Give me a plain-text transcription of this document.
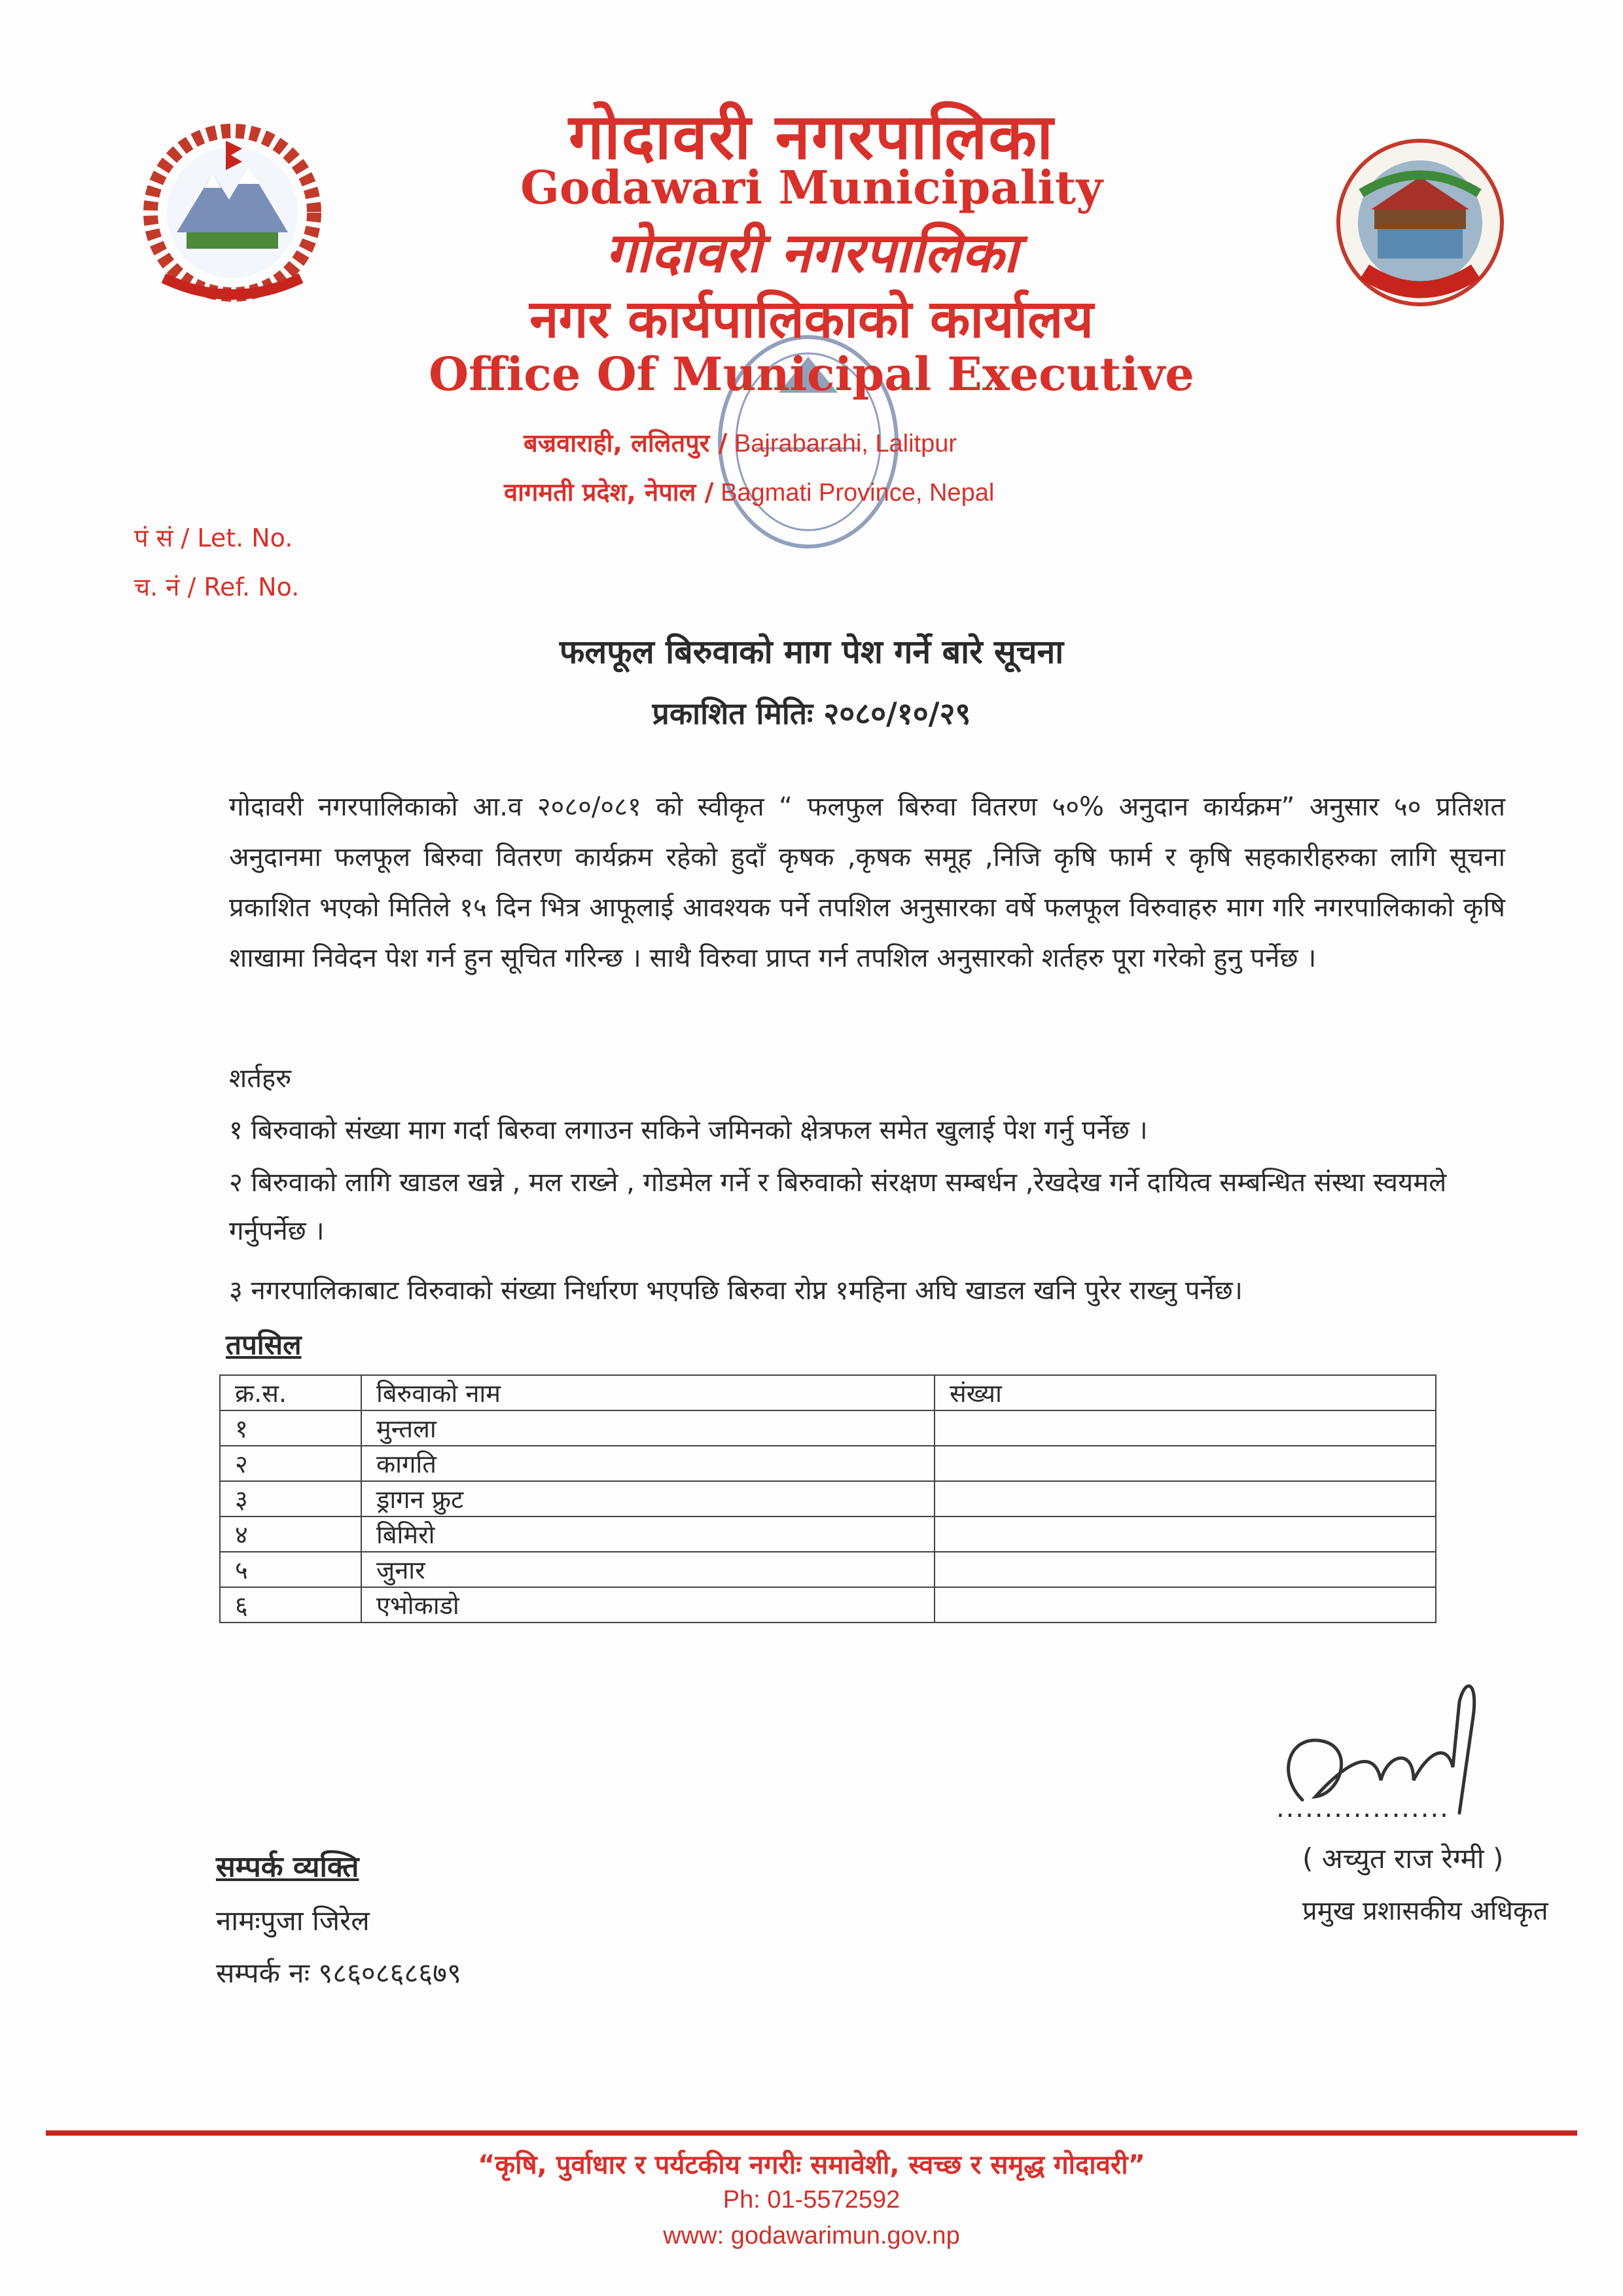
गोदावरी नगरपालिका
Godawari Municipality
गोदावरी नगरपालिका
नगर कार्यपालिकाको कार्यालय
Office Of Municipal Executive
बज्रवाराही, ललितपुर / Bajrabarahi, Lalitpur
वागमती प्रदेश, नेपाल / Bagmati Province, Nepal
पं सं / Let. No.
च. नं / Ref. No.
फलफूल बिरुवाको माग पेश गर्ने बारे सूचना
प्रकाशित मितिः २०८०/१०/२९
गोदावरी नगरपालिकाको आ.व २०८०/०८१ को स्वीकृत “ फलफुल बिरुवा वितरण ५०% अनुदान कार्यक्रम” अनुसार ५० प्रतिशत अनुदानमा फलफूल बिरुवा वितरण कार्यक्रम रहेको हुदाँ कृषक ,कृषक समूह ,निजि कृषि फार्म र कृषि सहकारीहरुका लागि सूचना प्रकाशित भएको मितिले १५ दिन भित्र आफूलाई आवश्यक पर्ने तपशिल अनुसारका वर्षे फलफूल विरुवाहरु माग गरि नगरपालिकाको कृषि शाखामा निवेदन पेश गर्न हुन सूचित गरिन्छ । साथै विरुवा प्राप्त गर्न तपशिल अनुसारको शर्तहरु पूरा गरेको हुनु पर्नेछ ।
शर्तहरु
१ बिरुवाको संख्या माग गर्दा बिरुवा लगाउन सकिने जमिनको क्षेत्रफल समेत खुलाई पेश गर्नु पर्नेछ ।
२ बिरुवाको लागि खाडल खन्ने , मल राख्ने , गोडमेल गर्ने र बिरुवाको संरक्षण सम्बर्धन ,रेखदेख गर्ने दायित्व सम्बन्धित संस्था स्वयमले गर्नुपर्नेछ ।
३ नगरपालिकाबाट विरुवाको संख्या निर्धारण भएपछि बिरुवा रोप्न १महिना अघि खाडल खनि पुरेर राख्नु पर्नेछ।
तपसिल
क्र.स.	बिरुवाको नाम	संख्या
१	मुन्तला	
२	कागति	
३	ड्रागन फ्रुट	
४	बिमिरो	
५	जुनार	
६	एभोकाडो	
सम्पर्क व्यक्ति
नामःपुजा जिरेल
सम्पर्क नः ९८६०८६८६७९
..................
( अच्युत राज रेग्मी )
प्रमुख प्रशासकीय अधिकृत
“कृषि, पुर्वाधार र पर्यटकीय नगरीः समावेशी, स्वच्छ र समृद्ध गोदावरी”
Ph: 01-5572592
www: godawarimun.gov.np
